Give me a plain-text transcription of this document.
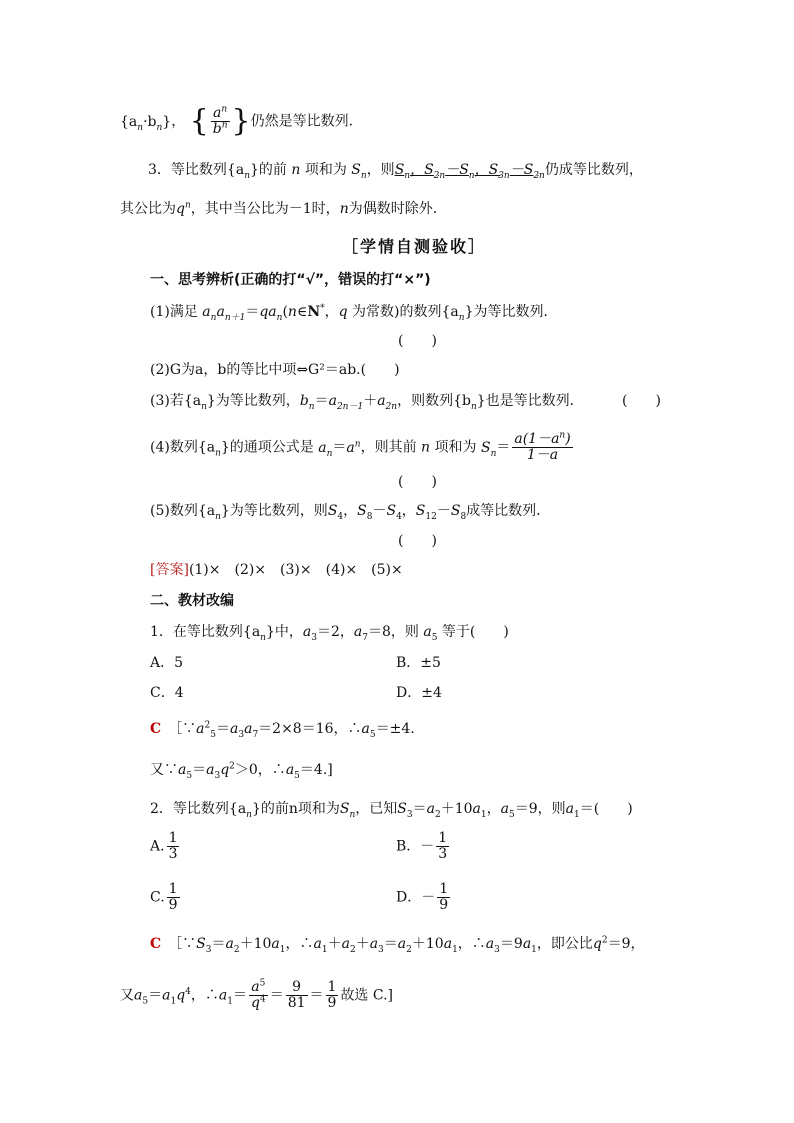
$\{a_n\cdot b_n\}$， { $\frac{a^n}{b^n}$ }仍然是等比数列．
3．等比数列$\{a_n\}$的前 n 项和为 $S_n$，则$S_n$，$S_{2n}-S_n$，$S_{3n}-S_{2n}$仍成等比数列，
其公比为$q^n$，其中当公比为－1时，n为偶数时除外．
［学情自测验收］
一、思考辨析(正确的打“√”，错误的打“×”)
(1)满足 $a_na_{n+1}=qa_n(n\in N^*$，q 为常数)的数列$\{a_n\}$为等比数列．
(　　)
(2)G为a，b的等比中项⇔G²＝ab.(　　)
(3)若$\{a_n\}$为等比数列，$b_n=a_{2n-1}+a_{2n}$，则数列$\{b_n\}$也是等比数列．	(　　)
(4)数列$\{a_n\}$的通项公式是 $a_n=a^n$，则其前 n 项和为 $S_n= \frac{a(1-a^n)}{1-a}$
(　　)
(5)数列$\{a_n\}$为等比数列，则$S_4$，$S_8-S_4$，$S_{12}-S_8$成等比数列．
(　　)
[答案](1)×　(2)×　(3)×　(4)×　(5)×
二、教材改编
1．在等比数列$\{a_n\}$中，$a_3=2$，$a_7=8$，则 $a_5$ 等于(　　)
A．5	B．±5
C．4	D．±4
C　 $[\because a^2_5=a_3a_7=2\times 8=16$，$\therefore a_5=\pm 4$.
又$\because a_5=a_3q^2>0$，$\therefore a_5=4$.]
2．等比数列$\{a_n\}$的前n项和为$S_n$，已知$S_3=a_2+10a_1$，$a_5=9$，则$a_1=$(　　)
A. $\frac{1}{3}$	B．－ $\frac{1}{3}$
C. $\frac{1}{9}$	D．－ $\frac{1}{9}$
C　 $[\because S_3=a_2+10a_1$，$\therefore a_1+a_2+a_3=a_2+10a_1$，$\therefore a_3=9a_1$，即公比$q^2=9$，
又$a_5=a_1q^4$，$\therefore a_1= \frac{a^5}{q^4} = \frac{9}{81} = \frac{1}{9}$ 故选 C.]
